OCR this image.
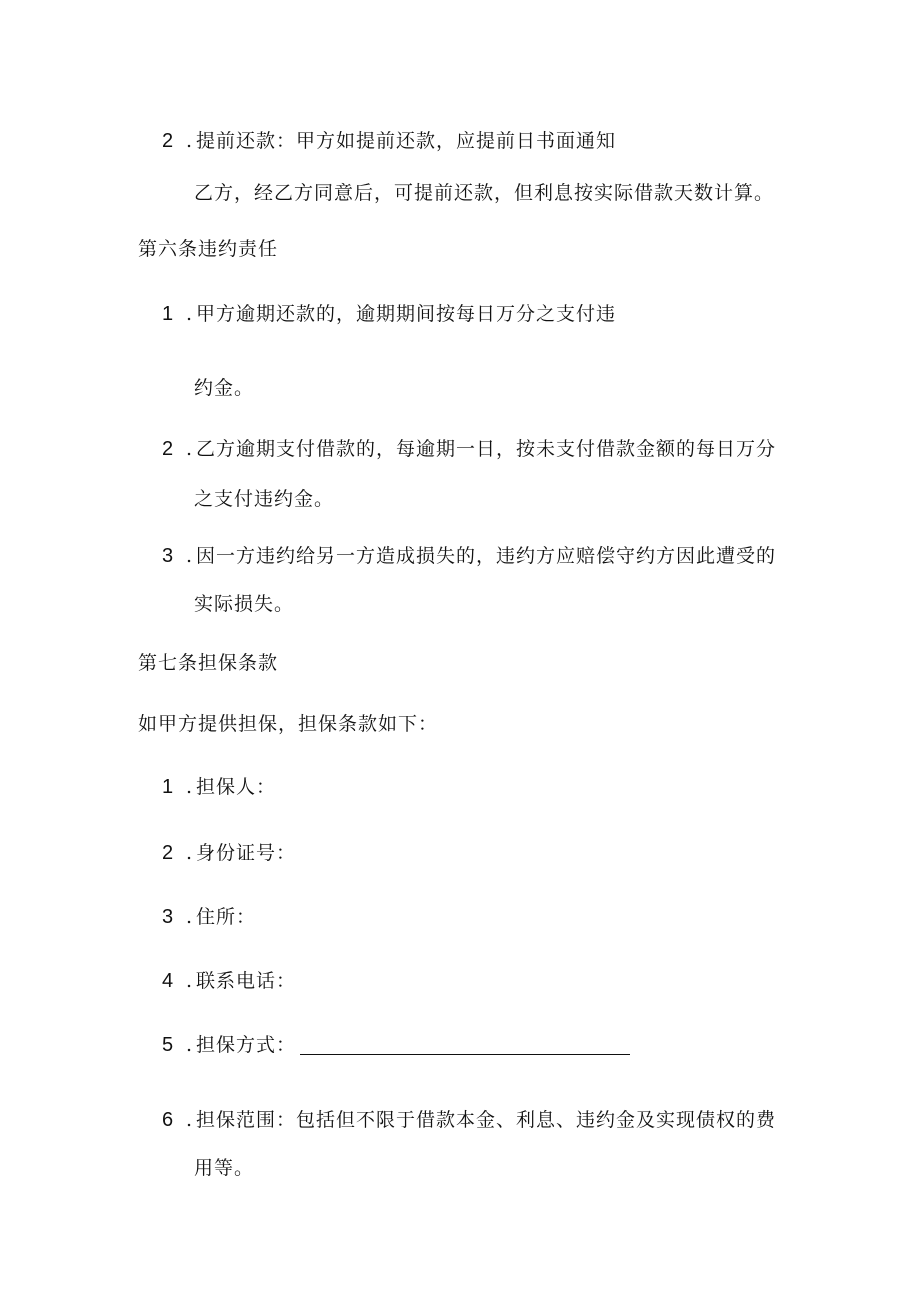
2 . 提前还款：甲方如提前还款，应提前日书面通知
乙方，经乙方同意后，可提前还款，但利息按实际借款天数计算。
第六条违约责任
1 . 甲方逾期还款的，逾期期间按每日万分之支付违
约金。
2 . 乙方逾期支付借款的，每逾期一日，按未支付借款金额的每日万分
之支付违约金。
3 . 因一方违约给另一方造成损失的，违约方应赔偿守约方因此遭受的
实际损失。
第七条担保条款
如甲方提供担保，担保条款如下：
1 . 担保人：
2 . 身份证号：
3 . 住所：
4 . 联系电话：
5 . 担保方式：
6 . 担保范围：包括但不限于借款本金、利息、违约金及实现债权的费
用等。
